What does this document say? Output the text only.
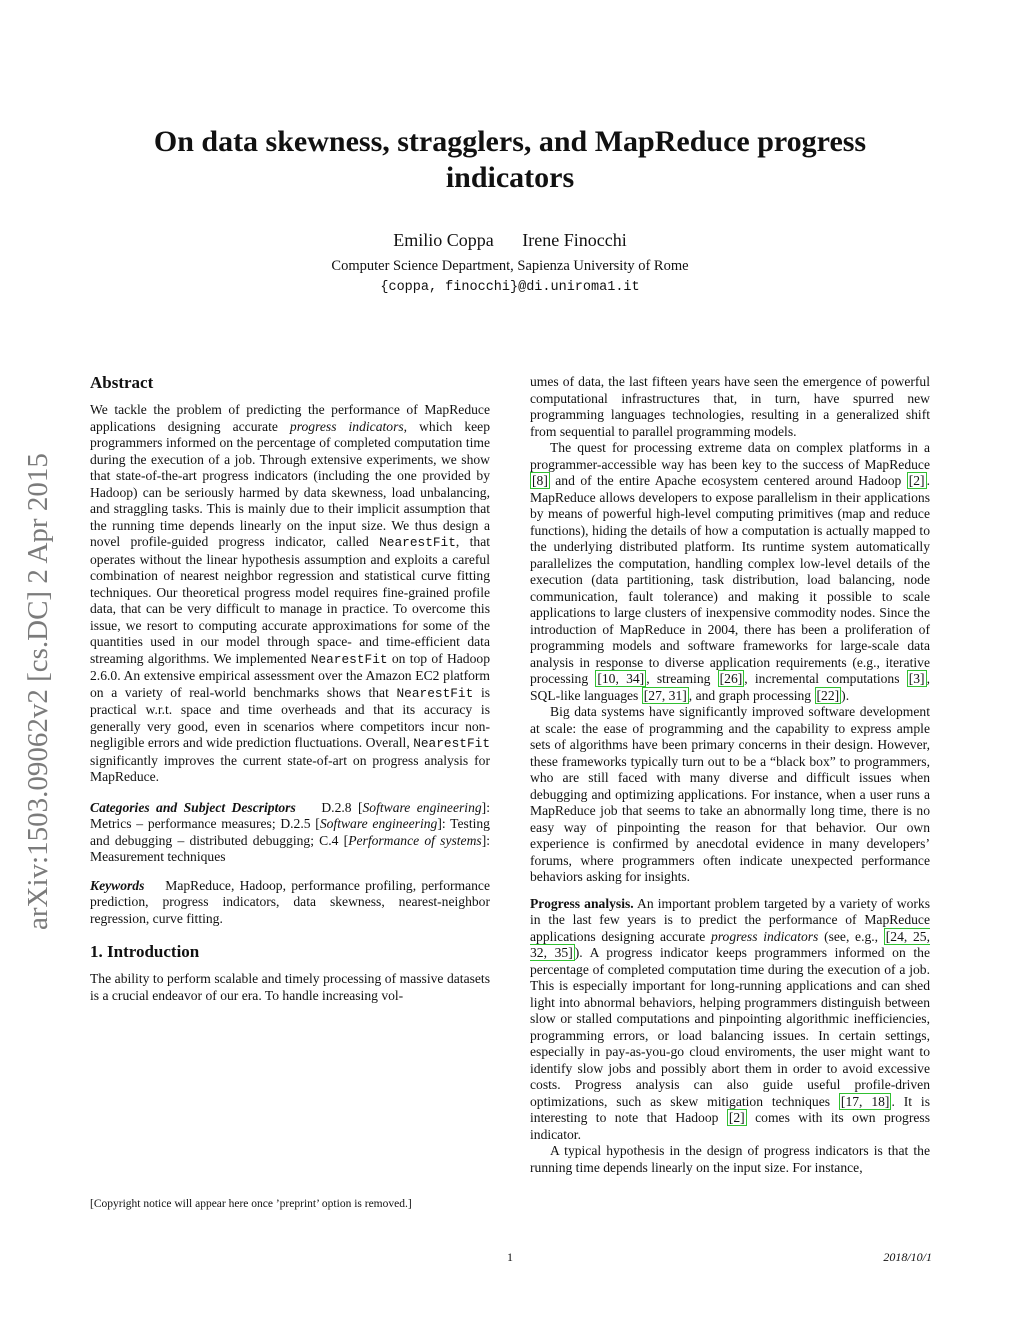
On data skewness, stragglers, and MapReduce progress indicators
Emilio Coppa Irene Finocchi
Computer Science Department, Sapienza University of Rome
{coppa, finocchi}@di.uniroma1.it
arXiv:1503.09062v2 [cs.DC] 2 Apr 2015
Abstract

We tackle the problem of predicting the performance of MapReduce applications designing accurate progress indicators, which keep programmers informed on the percentage of completed computation time during the execution of a job. Through extensive experiments, we show that state-of-the-art progress indicators (including the one provided by Hadoop) can be seriously harmed by data skewness, load unbalancing, and straggling tasks. This is mainly due to their implicit assumption that the running time depends linearly on the input size. We thus design a novel profile-guided progress indicator, called NearestFit, that operates without the linear hypothesis assumption and exploits a careful combination of nearest neighbor regression and statistical curve fitting techniques. Our theoretical progress model requires fine-grained profile data, that can be very difficult to manage in practice. To overcome this issue, we resort to computing accurate approximations for some of the quantities used in our model through space- and time-efficient data streaming algorithms. We implemented NearestFit on top of Hadoop 2.6.0. An extensive empirical assessment over the Amazon EC2 platform on a variety of real-world benchmarks shows that NearestFit is practical w.r.t. space and time overheads and that its accuracy is generally very good, even in scenarios where competitors incur non-negligible errors and wide prediction fluctuations. Overall, NearestFit significantly improves the current state-of-art on progress analysis for MapReduce.

Categories and Subject Descriptors D.2.8 [Software engineering]: Metrics – performance measures; D.2.5 [Software engineering]: Testing and debugging – distributed debugging; C.4 [Performance of systems]: Measurement techniques

Keywords MapReduce, Hadoop, performance profiling, performance prediction, progress indicators, data skewness, nearest-neighbor regression, curve fitting.

1. Introduction

The ability to perform scalable and timely processing of massive datasets is a crucial endeavor of our era. To handle increasing vol-

umes of data, the last fifteen years have seen the emergence of powerful computational infrastructures that, in turn, have spurred new programming languages technologies, resulting in a generalized shift from sequential to parallel programming models.

The quest for processing extreme data on complex platforms in a programmer-accessible way has been key to the success of MapReduce [8] and of the entire Apache ecosystem centered around Hadoop [2] . MapReduce allows developers to expose parallelism in their applications by means of powerful high-level computing primitives (map and reduce functions), hiding the details of how a computation is actually mapped to the underlying distributed platform. Its runtime system automatically parallelizes the computation, handling complex low-level details of the execution (data partitioning, task distribution, load balancing, node communication, fault tolerance) and making it possible to scale applications to large clusters of inexpensive commodity nodes. Since the introduction of MapReduce in 2004, there has been a proliferation of programming models and software frameworks for large-scale data analysis in response to diverse application requirements (e.g., iterative processing [10, 34] , streaming [26] , incremental computations [3] , SQL-like languages [27, 31] , and graph processing [22] ).

Big data systems have significantly improved software development at scale: the ease of programming and the capability to express ample sets of algorithms have been primary concerns in their design. However, these frameworks typically turn out to be a “black box” to programmers, who are still faced with many diverse and difficult issues when debugging and optimizing applications. For instance, when a user runs a MapReduce job that seems to take an abnormally long time, there is no easy way of pinpointing the reason for that behavior. Our own experience is confirmed by anecdotal evidence in many developers’ forums, where programmers often indicate unexpected performance behaviors asking for insights.

Progress analysis. An important problem targeted by a variety of works in the last few years is to predict the performance of MapReduce applications designing accurate progress indicators (see, e.g., [24, 25, 32, 35] ). A progress indicator keeps programmers informed on the percentage of completed computation time during the execution of a job. This is especially important for long-running applications and can shed light into abnormal behaviors, helping programmers distinguish between slow or stalled computations and pinpointing algorithmic inefficiencies, programming errors, or load balancing issues. In certain settings, especially in pay-as-you-go cloud enviroments, the user might want to identify slow jobs and possibly abort them in order to avoid excessive costs. Progress analysis can also guide useful profile-driven optimizations, such as skew mitigation techniques [17, 18] . It is interesting to note that Hadoop [2] comes with its own progress indicator.

A typical hypothesis in the design of progress indicators is that the running time depends linearly on the input size. For instance,

[Copyright notice will appear here once ’preprint’ option is removed.]
1	2018/10/1
